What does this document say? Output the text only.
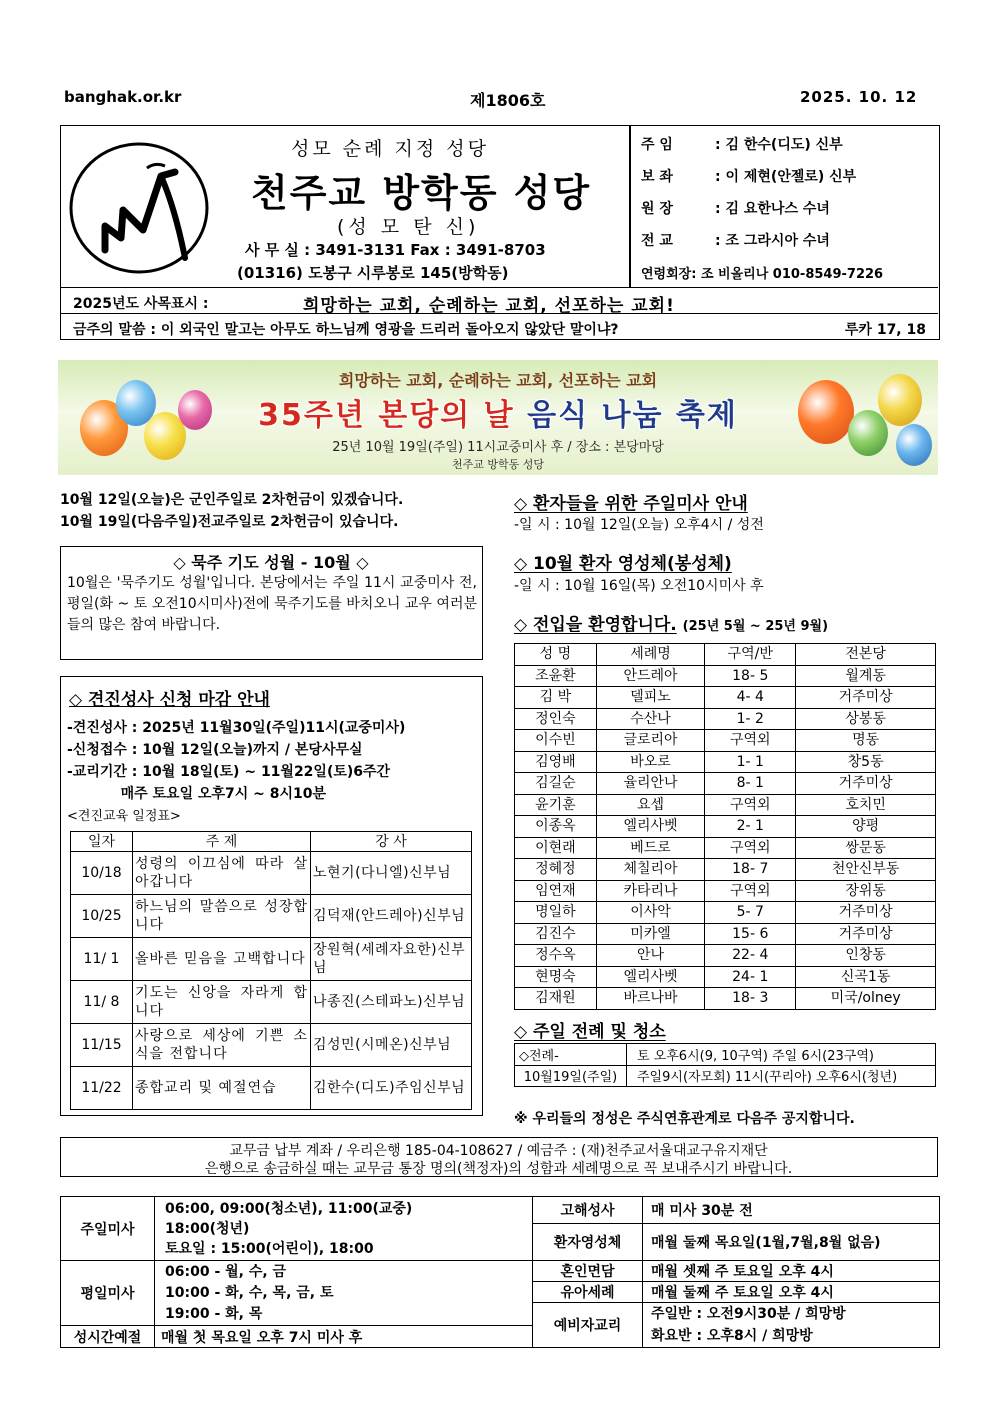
banghak.or.kr	제1806호	2025. 10. 12
성모 순례 지정 성당
천주교 방학동 성당
(성 모 탄 신)
사 무 실 : 3491-3131 Fax : 3491-8703
(01316) 도봉구 시루봉로 145(방학동)
주 임	: 김 한수(디도) 신부
보 좌	: 이 제현(안젤로) 신부
원 장	: 김 요한나스 수녀
전 교	: 조 그라시아 수녀
연령회장: 조 비올리나 010-8549-7226
2025년도 사목표시 :	희망하는 교회, 순례하는 교회, 선포하는 교회!
금주의 말씀 : 이 외국인 말고는 아무도 하느님께 영광을 드리러 돌아오지 않았단 말이냐?	루카 17, 18
희망하는 교회, 순례하는 교회, 선포하는 교회
35주년 본당의 날 음식 나눔 축제
25년 10월 19일(주일) 11시교중미사 후 / 장소 : 본당마당
천주교 방학동 성당
10월 12일(오늘)은 군인주일로 2차헌금이 있겠습니다.
10월 19일(다음주일)전교주일로 2차헌금이 있습니다.
◇ 묵주 기도 성월 - 10월 ◇
10월은 '묵주기도 성월'입니다. 본당에서는 주일 11시 교중미사 전, 평일(화 ~ 토 오전10시미사)전에 묵주기도를 바치오니 교우 여러분들의 많은 참여 바랍니다.
◇ 견진성사 신청 마감 안내
-견진성사 : 2025년 11월30일(주일)11시(교중미사)
-신청접수 : 10월 12일(오늘)까지 / 본당사무실
-교리기간 : 10월 18일(토) ~ 11월22일(토)6주간
매주 토요일 오후7시 ~ 8시10분
<견진교육 일정표>
일자	주 제	강 사
10/18	성령의 이끄심에 따라 살아갑니다	노현기(다니엘)신부님
10/25	하느님의 말씀으로 성장합니다	김덕재(안드레아)신부님
11/ 1	올바른 믿음을 고백합니다	장원혁(세례자요한)신부님
11/ 8	기도는 신앙을 자라게 합니다	나종진(스테파노)신부님
11/15	사랑으로 세상에 기쁜 소식을 전합니다	김성민(시메온)신부님
11/22	종합교리 및 예절연습	김한수(디도)주임신부님
◇ 환자들을 위한 주일미사 안내
-일 시 : 10월 12일(오늘) 오후4시 / 성전
◇ 10월 환자 영성체(봉성체)
-일 시 : 10월 16일(목) 오전10시미사 후
◇ 전입을 환영합니다. (25년 5월 ~ 25년 9월)
성 명	세례명	구역/반	전본당
조윤환	안드레아	18- 5	월계동
김 박	델피노	4- 4	거주미상
정인숙	수산나	1- 2	상봉동
이수빈	글로리아	구역외	명동
김영배	바오로	1- 1	창5동
김길순	율리안나	8- 1	거주미상
윤기훈	요셉	구역외	호치민
이종옥	엘리사벳	2- 1	양평
이현래	베드로	구역외	쌍문동
정혜정	체칠리아	18- 7	천안신부동
임연재	카타리나	구역외	장위동
명일하	이사악	5- 7	거주미상
김진수	미카엘	15- 6	거주미상
정수옥	안나	22- 4	인창동
현명숙	엘리사벳	24- 1	신곡1동
김재원	바르나바	18- 3	미국/olney
◇ 주일 전례 및 청소
◇전례-	토 오후6시(9, 10구역) 주일 6시(23구역)
10월19일(주일)	주일9시(자모회) 11시(꾸리아) 오후6시(청년)
※ 우리들의 정성은 주식연휴관계로 다음주 공지합니다.
교무금 납부 계좌 / 우리은행 185-04-108627 / 예금주 : (재)천주교서울대교구유지재단
은행으로 송금하실 때는 교무금 통장 명의(책정자)의 성함과 세례명으로 꼭 보내주시기 바랍니다.
주일미사	06:00, 09:00(청소년), 11:00(교중)
18:00(청년)
토요일 : 15:00(어린이), 18:00	고해성사	매 미사 30분 전
		환자영성체	매월 둘째 목요일(1월,7월,8월 없음)

평일미사	06:00 - 월, 수, 금
10:00 - 화, 수, 목, 금, 토
19:00 - 화, 목	혼인면담	매월 셋째 주 토요일 오후 4시
		유아세례	매월 둘째 주 토요일 오후 4시
		예비자교리	주일반 : 오전9시30분 / 희망방
화요반 : 오후8시 / 희망방

성시간예절	매월 첫 목요일 오후 7시 미사 후		
